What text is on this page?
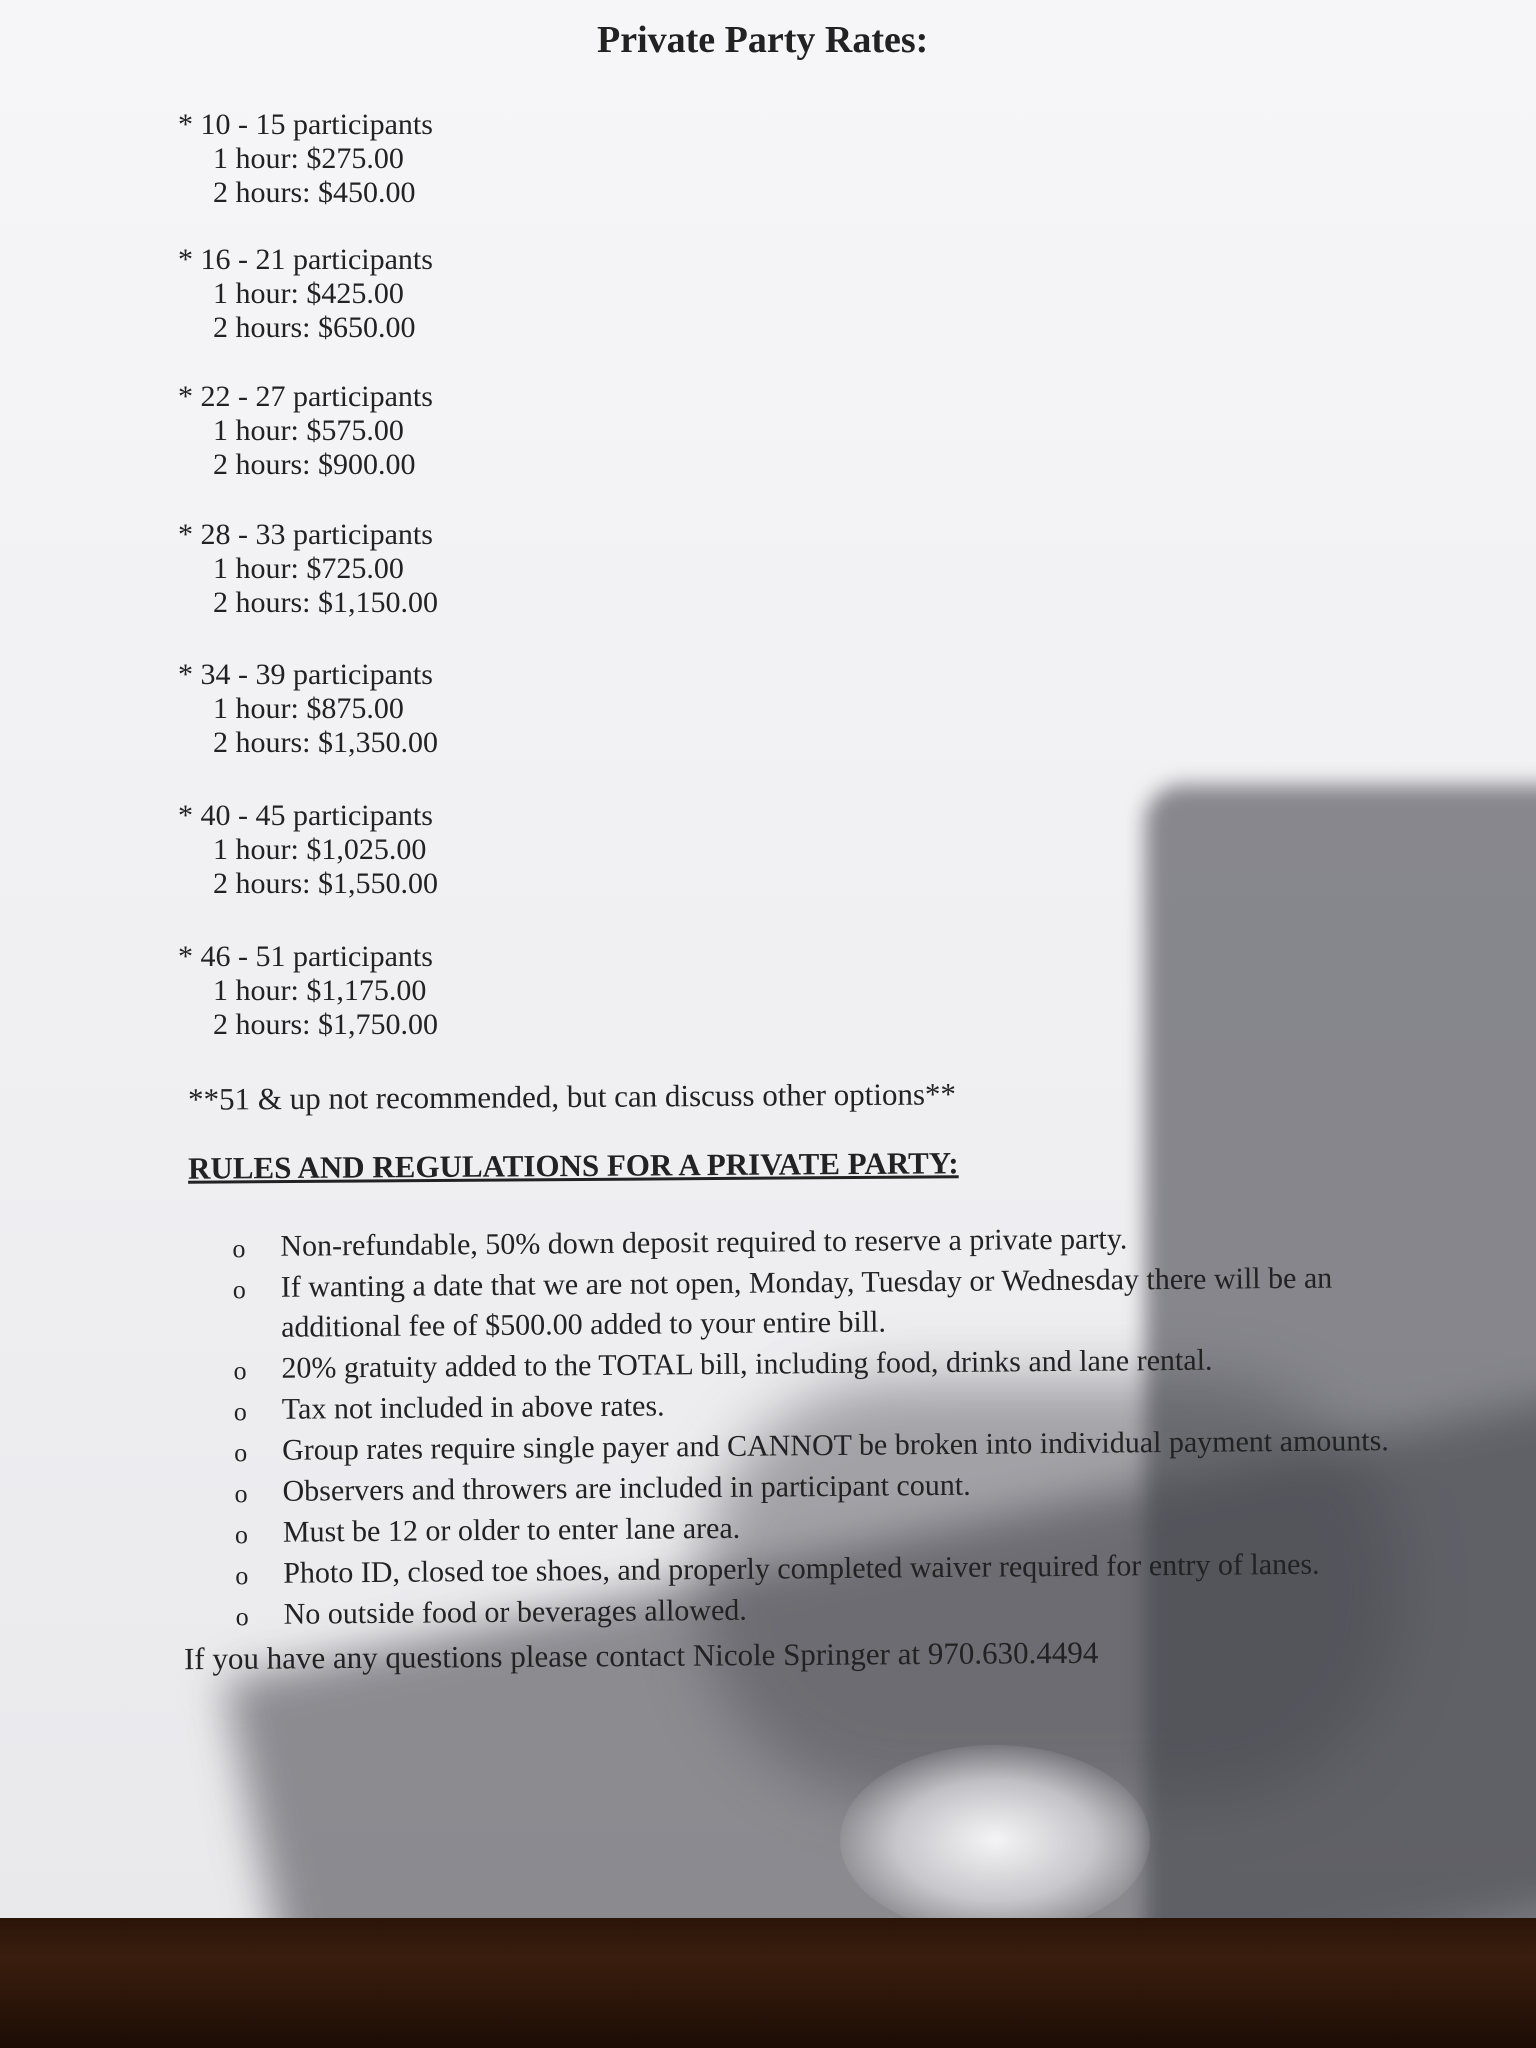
Private Party Rates:
* 10 - 15 participants
1 hour: $275.00
2 hours: $450.00
* 16 - 21 participants
1 hour: $425.00
2 hours: $650.00
* 22 - 27 participants
1 hour: $575.00
2 hours: $900.00
* 28 - 33 participants
1 hour: $725.00
2 hours: $1,150.00
* 34 - 39 participants
1 hour: $875.00
2 hours: $1,350.00
* 40 - 45 participants
1 hour: $1,025.00
2 hours: $1,550.00
* 46 - 51 participants
1 hour: $1,175.00
2 hours: $1,750.00
**51 & up not recommended, but can discuss other options**
RULES AND REGULATIONS FOR A PRIVATE PARTY:
o Non-refundable, 50% down deposit required to reserve a private party.
o If wanting a date that we are not open, Monday, Tuesday or Wednesday there will be an additional fee of $500.00 added to your entire bill.
o 20% gratuity added to the TOTAL bill, including food, drinks and lane rental.
o Tax not included in above rates.
o Group rates require single payer and CANNOT be broken into individual payment amounts.
o Observers and throwers are included in participant count.
o Must be 12 or older to enter lane area.
o Photo ID, closed toe shoes, and properly completed waiver required for entry of lanes.
o No outside food or beverages allowed.
If you have any questions please contact Nicole Springer at 970.630.4494
